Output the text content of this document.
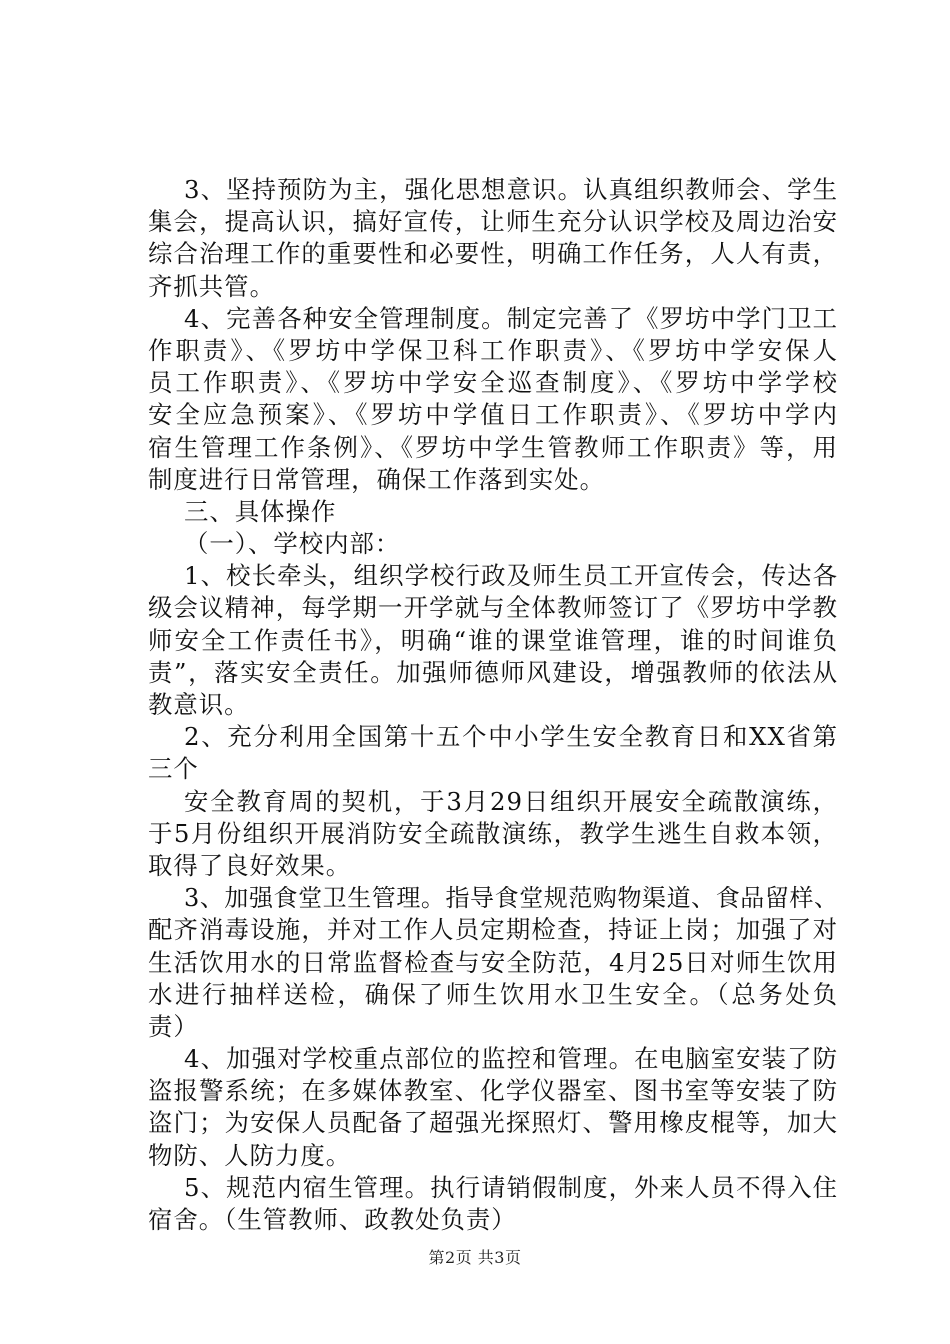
3、坚持预防为主，强化思想意识。认真组织教师会、学生
集会，提高认识，搞好宣传，让师生充分认识学校及周边治安
综合治理工作的重要性和必要性，明确工作任务，人人有责，
齐抓共管。
4、完善各种安全管理制度。制定完善了《罗坊中学门卫工
作职责》、《罗坊中学保卫科工作职责》、《罗坊中学安保人
员工作职责》、《罗坊中学安全巡查制度》、《罗坊中学学校
安全应急预案》、《罗坊中学值日工作职责》、《罗坊中学内
宿生管理工作条例》、《罗坊中学生管教师工作职责》等，用
制度进行日常管理，确保工作落到实处。
三、具体操作
（一）、学校内部：
1、校长牵头，组织学校行政及师生员工开宣传会，传达各
级会议精神，每学期一开学就与全体教师签订了《罗坊中学教
师安全工作责任书》，明确“谁的课堂谁管理，谁的时间谁负
责”，落实安全责任。加强师德师风建设，增强教师的依法从
教意识。
2、充分利用全国第十五个中小学生安全教育日和XX省第
三个
安全教育周的契机，于3月29日组织开展安全疏散演练，
于5月份组织开展消防安全疏散演练，教学生逃生自救本领，
取得了良好效果。
3、加强食堂卫生管理。指导食堂规范购物渠道、食品留样、
配齐消毒设施，并对工作人员定期检查，持证上岗；加强了对
生活饮用水的日常监督检查与安全防范，4月25日对师生饮用
水进行抽样送检，确保了师生饮用水卫生安全。（总务处负
责）
4、加强对学校重点部位的监控和管理。在电脑室安装了防
盗报警系统；在多媒体教室、化学仪器室、图书室等安装了防
盗门；为安保人员配备了超强光探照灯、警用橡皮棍等，加大
物防、人防力度。
5、规范内宿生管理。执行请销假制度，外来人员不得入住
宿舍。（生管教师、政教处负责）
第2页 共3页
